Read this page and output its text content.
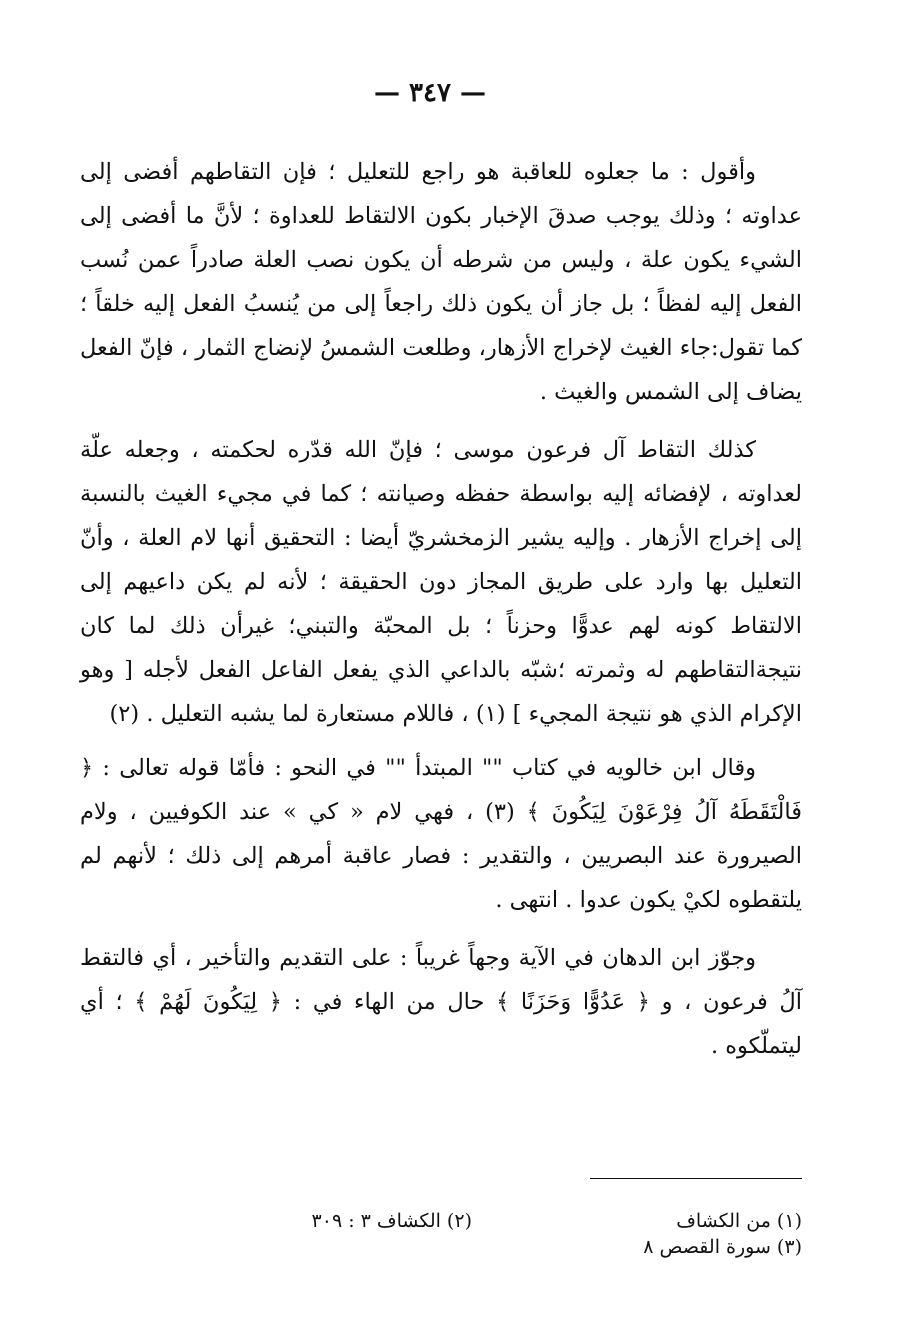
— ٣٤٧ —

وأقول : ما جعلوه للعاقبة هو راجع للتعليل ؛ فإن التقاطهم أفضى إلى عداوته ؛ وذلك يوجب صدقَ الإخبار بكون الالتقاط للعداوة ؛ لأنَّ ما أفضى إلى الشيء يكون علة ، وليس من شرطه أن يكون نصب العلة صادراً عمن نُسب الفعل إليه لفظاً ؛ بل جاز أن يكون ذلك راجعاً إلى من يُنسبُ الفعل إليه خلقاً ؛ كما تقول:جاء الغيث لإخراج الأزهار، وطلعت الشمسُ لإنضاج الثمار ، فإنّ الفعل يضاف إلى الشمس والغيث .

كذلك التقاط آل فرعون موسى ؛ فإنّ الله قدّره لحكمته ، وجعله علّة لعداوته ، لإفضائه إليه بواسطة حفظه وصيانته ؛ كما في مجيء الغيث بالنسبة إلى إخراج الأزهار . وإليه يشير الزمخشريّ أيضا : التحقيق أنها لام العلة ، وأنّ التعليل بها وارد على طريق المجاز دون الحقيقة ؛ لأنه لم يكن داعيهم إلى الالتقاط كونه لهم عدوًّا وحزناً ؛ بل المحبّة والتبني؛ غيرأن ذلك لما كان نتيجةالتقاطهم له وثمرته ؛شبّه بالداعي الذي يفعل الفاعل الفعل لأجله [ وهو الإكرام الذي هو نتيجة المجيء ] (١) ، فاللام مستعارة لما يشبه التعليل . (٢)

وقال ابن خالويه في كتاب "" المبتدأ "" في النحو : فأمّا قوله تعالى : ﴿ فَالْتَقَطَهُ آلُ فِرْعَوْنَ لِيَكُونَ ﴾ (٣) ، فهي لام « كي » عند الكوفيين ، ولام الصيرورة عند البصريين ، والتقدير : فصار عاقبة أمرهم إلى ذلك ؛ لأنهم لم يلتقطوه لكيْ يكون عدوا . انتهى .

وجوّز ابن الدهان في الآية وجهاً غريباً : على التقديم والتأخير ، أي فالتقط آلُ فرعون ، و ﴿ عَدُوًّا وَحَزَنًا ﴾ حال من الهاء في : ﴿ لِيَكُونَ لَهُمْ ﴾ ؛ أي ليتملّكوه .

(١) من الكشاف
(٢) الكشاف ٣ : ٣٠٩
(٣) سورة القصص ٨
